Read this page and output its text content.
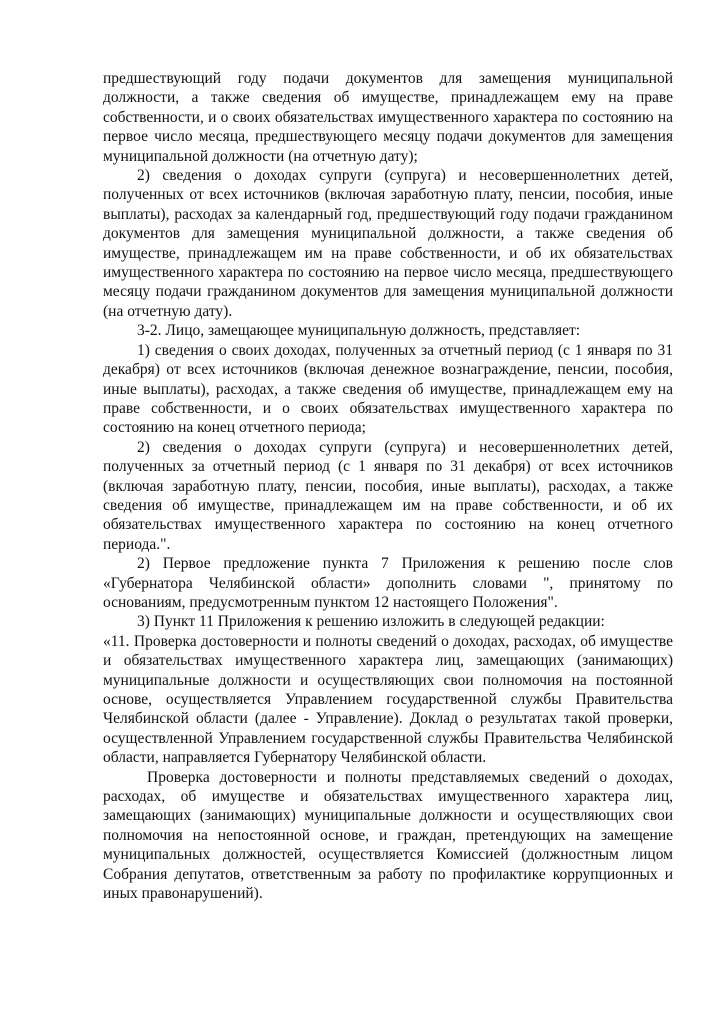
предшествующий году подачи документов для замещения муниципальной должности, а также сведения об имуществе, принадлежащем ему на праве собственности, и о своих обязательствах имущественного характера по состоянию на первое число месяца, предшествующего месяцу подачи документов для замещения муниципальной должности (на отчетную дату);

2) сведения о доходах супруги (супруга) и несовершеннолетних детей, полученных от всех источников (включая заработную плату, пенсии, пособия, иные выплаты), расходах за календарный год, предшествующий году подачи гражданином документов для замещения муниципальной должности, а также сведения об имуществе, принадлежащем им на праве собственности, и об их обязательствах имущественного характера по состоянию на первое число месяца, предшествующего месяцу подачи гражданином документов для замещения муниципальной должности (на отчетную дату).

3-2. Лицо, замещающее муниципальную должность, представляет:

1) сведения о своих доходах, полученных за отчетный период (с 1 января по 31 декабря) от всех источников (включая денежное вознаграждение, пенсии, пособия, иные выплаты), расходах, а также сведения об имуществе, принадлежащем ему на праве собственности, и о своих обязательствах имущественного характера по состоянию на конец отчетного периода;

2) сведения о доходах супруги (супруга) и несовершеннолетних детей, полученных за отчетный период (с 1 января по 31 декабря) от всех источников (включая заработную плату, пенсии, пособия, иные выплаты), расходах, а также сведения об имуществе, принадлежащем им на праве собственности, и об их обязательствах имущественного характера по состоянию на конец отчетного периода.".

2) Первое предложение пункта 7 Приложения к решению после слов «Губернатора Челябинской области» дополнить словами ", принятому по основаниям, предусмотренным пунктом 12 настоящего Положения".

3) Пункт 11 Приложения к решению изложить в следующей редакции:

«11. Проверка достоверности и полноты сведений о доходах, расходах, об имуществе и обязательствах имущественного характера лиц, замещающих (занимающих) муниципальные должности и осуществляющих свои полномочия на постоянной основе, осуществляется Управлением государственной службы Правительства Челябинской области (далее - Управление). Доклад о результатах такой проверки, осуществленной Управлением государственной службы Правительства Челябинской области, направляется Губернатору Челябинской области.

Проверка достоверности и полноты представляемых сведений о доходах, расходах, об имуществе и обязательствах имущественного характера лиц, замещающих (занимающих) муниципальные должности и осуществляющих свои полномочия на непостоянной основе, и граждан, претендующих на замещение муниципальных должностей, осуществляется Комиссией (должностным лицом Собрания депутатов, ответственным за работу по профилактике коррупционных и иных правонарушений).
